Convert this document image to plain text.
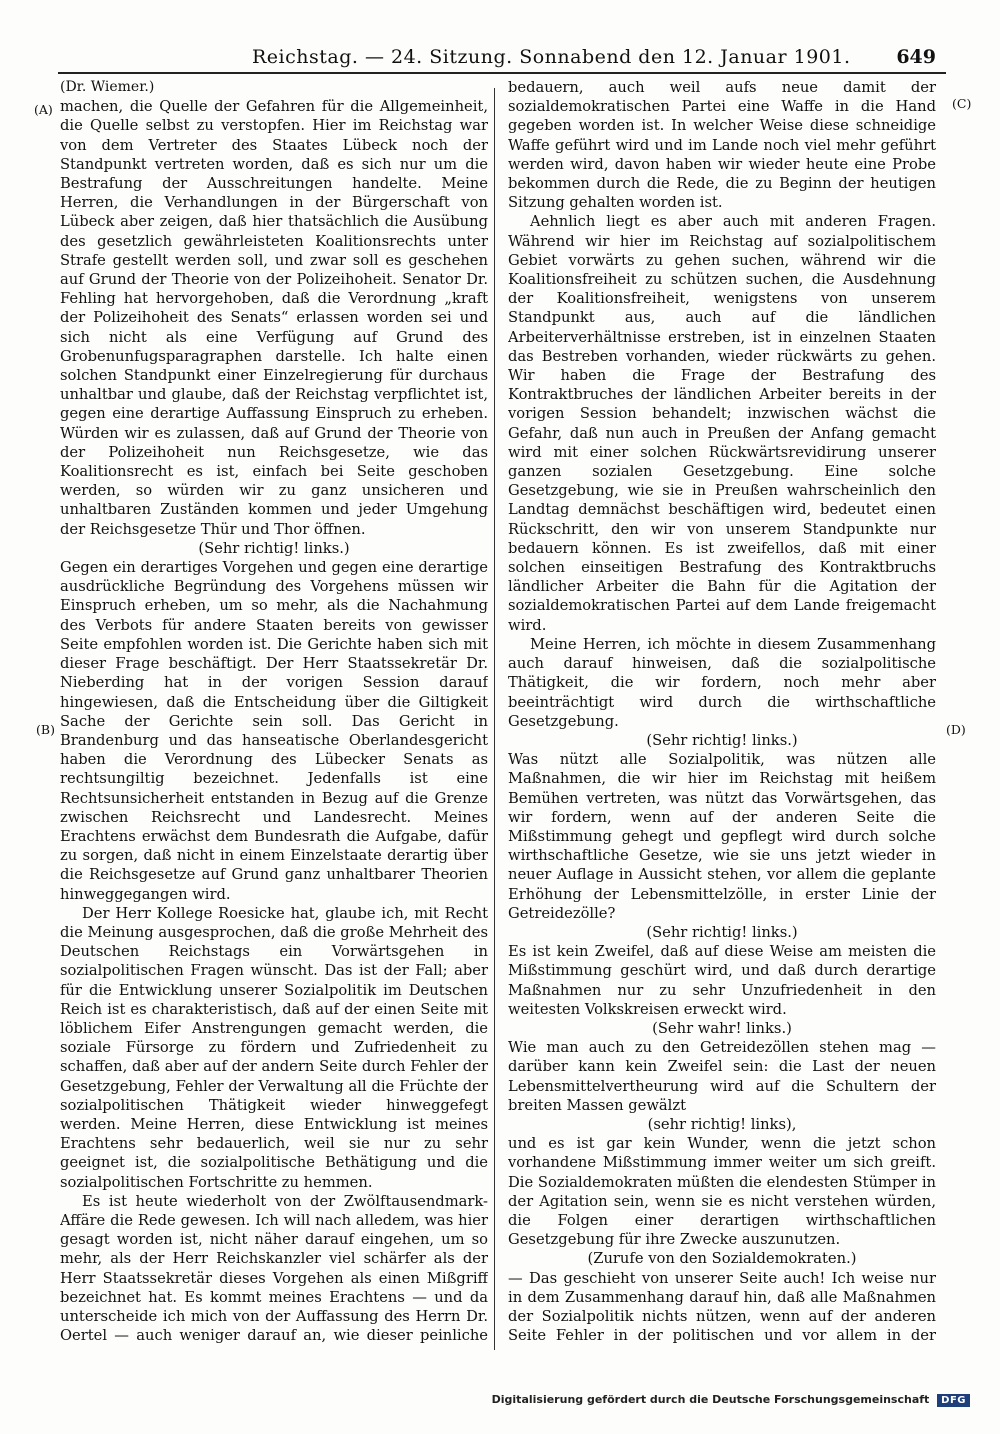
Reichstag. — 24. Sitzung. Sonnabend den 12. Januar 1901. 649
(A)
(B)
(C)
(D)

(Dr. Wiemer.)

machen, die Quelle der Gefahren für die Allgemeinheit, die Quelle selbst zu verstopfen. Hier im Reichstag war von dem Vertreter des Staates Lübeck noch der Standpunkt vertreten worden, daß es sich nur um die Bestrafung der Ausschreitungen handelte. Meine Herren, die Verhandlungen in der Bürgerschaft von Lübeck aber zeigen, daß hier thatsächlich die Ausübung des gesetzlich gewährleisteten Koalitionsrechts unter Strafe gestellt werden soll, und zwar soll es geschehen auf Grund der Theorie von der Polizeihoheit. Senator Dr. Fehling hat hervorgehoben, daß die Verordnung „kraft der Polizeihoheit des Senats“ erlassen worden sei und sich nicht als eine Verfügung auf Grund des Grobenunfugsparagraphen darstelle. Ich halte einen solchen Standpunkt einer Einzelregierung für durchaus unhaltbar und glaube, daß der Reichstag verpflichtet ist, gegen eine derartige Auffassung Einspruch zu erheben. Würden wir es zulassen, daß auf Grund der Theorie von der Polizeihoheit nun Reichsgesetze, wie das Koalitionsrecht es ist, einfach bei Seite geschoben werden, so würden wir zu ganz unsicheren und unhaltbaren Zuständen kommen und jeder Umgehung der Reichsgesetze Thür und Thor öffnen.

(Sehr richtig! links.)

Gegen ein derartiges Vorgehen und gegen eine derartige ausdrückliche Begründung des Vorgehens müssen wir Einspruch erheben, um so mehr, als die Nachahmung des Verbots für andere Staaten bereits von gewisser Seite empfohlen worden ist. Die Gerichte haben sich mit dieser Frage beschäftigt. Der Herr Staatssekretär Dr. Nieberding hat in der vorigen Session darauf hingewiesen, daß die Entscheidung über die Giltigkeit Sache der Gerichte sein soll. Das Gericht in Brandenburg und das hanseatische Oberlandesgericht haben die Verordnung des Lübecker Senats as rechtsungiltig bezeichnet. Jedenfalls ist eine Rechtsunsicherheit entstanden in Bezug auf die Grenze zwischen Reichsrecht und Landesrecht. Meines Erachtens erwächst dem Bundesrath die Aufgabe, dafür zu sorgen, daß nicht in einem Einzelstaate derartig über die Reichsgesetze auf Grund ganz unhaltbarer Theorien hinweggegangen wird.

Der Herr Kollege Roesicke hat, glaube ich, mit Recht die Meinung ausgesprochen, daß die große Mehrheit des Deutschen Reichstags ein Vorwärtsgehen in sozialpolitischen Fragen wünscht. Das ist der Fall; aber für die Entwicklung unserer Sozialpolitik im Deutschen Reich ist es charakteristisch, daß auf der einen Seite mit löblichem Eifer Anstrengungen gemacht werden, die soziale Fürsorge zu fördern und Zufriedenheit zu schaffen, daß aber auf der andern Seite durch Fehler der Gesetzgebung, Fehler der Verwaltung all die Früchte der sozialpolitischen Thätigkeit wieder hinweggefegt werden. Meine Herren, diese Entwicklung ist meines Erachtens sehr bedauerlich, weil sie nur zu sehr geeignet ist, die sozialpolitische Bethätigung und die sozialpolitischen Fortschritte zu hemmen.

Es ist heute wiederholt von der Zwölftausendmark-Affäre die Rede gewesen. Ich will nach alledem, was hier gesagt worden ist, nicht näher darauf eingehen, um so mehr, als der Herr Reichskanzler viel schärfer als der Herr Staatssekretär dieses Vorgehen als einen Mißgriff bezeichnet hat. Es kommt meines Erachtens — und da unterscheide ich mich von der Auffassung des Herrn Dr. Oertel — auch weniger darauf an, wie dieser peinliche

bedauern, auch weil aufs neue damit der sozialdemokratischen Partei eine Waffe in die Hand gegeben worden ist. In welcher Weise diese schneidige Waffe geführt wird und im Lande noch viel mehr geführt werden wird, davon haben wir wieder heute eine Probe bekommen durch die Rede, die zu Beginn der heutigen Sitzung gehalten worden ist.

Aehnlich liegt es aber auch mit anderen Fragen. Während wir hier im Reichstag auf sozialpolitischem Gebiet vorwärts zu gehen suchen, während wir die Koalitionsfreiheit zu schützen suchen, die Ausdehnung der Koalitionsfreiheit, wenigstens von unserem Standpunkt aus, auch auf die ländlichen Arbeiterverhältnisse erstreben, ist in einzelnen Staaten das Bestreben vorhanden, wieder rückwärts zu gehen. Wir haben die Frage der Bestrafung des Kontraktbruches der ländlichen Arbeiter bereits in der vorigen Session behandelt; inzwischen wächst die Gefahr, daß nun auch in Preußen der Anfang gemacht wird mit einer solchen Rückwärtsrevidirung unserer ganzen sozialen Gesetzgebung. Eine solche Gesetzgebung, wie sie in Preußen wahrscheinlich den Landtag demnächst beschäftigen wird, bedeutet einen Rückschritt, den wir von unserem Standpunkte nur bedauern können. Es ist zweifellos, daß mit einer solchen einseitigen Bestrafung des Kontraktbruchs ländlicher Arbeiter die Bahn für die Agitation der sozialdemokratischen Partei auf dem Lande freigemacht wird.

Meine Herren, ich möchte in diesem Zusammenhang auch darauf hinweisen, daß die sozialpolitische Thätigkeit, die wir fordern, noch mehr aber beeinträchtigt wird durch die wirthschaftliche Gesetzgebung.

(Sehr richtig! links.)

Was nützt alle Sozialpolitik, was nützen alle Maßnahmen, die wir hier im Reichstag mit heißem Bemühen vertreten, was nützt das Vorwärtsgehen, das wir fordern, wenn auf der anderen Seite die Mißstimmung gehegt und gepflegt wird durch solche wirthschaftliche Gesetze, wie sie uns jetzt wieder in neuer Auflage in Aussicht stehen, vor allem die geplante Erhöhung der Lebensmittelzölle, in erster Linie der Getreidezölle?

(Sehr richtig! links.)

Es ist kein Zweifel, daß auf diese Weise am meisten die Mißstimmung geschürt wird, und daß durch derartige Maßnahmen nur zu sehr Unzufriedenheit in den weitesten Volkskreisen erweckt wird.

(Sehr wahr! links.)

Wie man auch zu den Getreidezöllen stehen mag — darüber kann kein Zweifel sein: die Last der neuen Lebensmittelvertheurung wird auf die Schultern der breiten Massen gewälzt

(sehr richtig! links),

und es ist gar kein Wunder, wenn die jetzt schon vorhandene Mißstimmung immer weiter um sich greift. Die Sozialdemokraten müßten die elendesten Stümper in der Agitation sein, wenn sie es nicht verstehen würden, die Folgen einer derartigen wirthschaftlichen Gesetzgebung für ihre Zwecke auszunutzen.

(Zurufe von den Sozialdemokraten.)

— Das geschieht von unserer Seite auch! Ich weise nur in dem Zusammenhang darauf hin, daß alle Maßnahmen der Sozialpolitik nichts nützen, wenn auf der anderen Seite Fehler in der politischen und vor allem in der

Digitalisierung gefördert durch die Deutsche Forschungsgemeinschaft DFG
